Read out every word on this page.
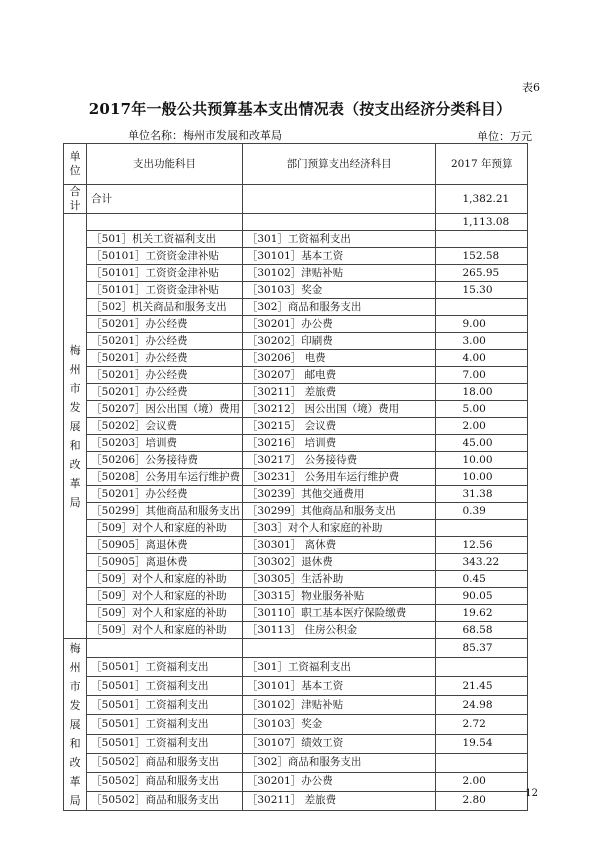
表6
2017年一般公共预算基本支出情况表（按支出经济分类科目）
单位名称：梅州市发展和改革局	单位：万元
单位	支出功能科目	部门预算支出经济科目	2017 年预算
合计	合计		1,382.21
梅州市发展和改革局			1,113.08
	［501］机关工资福利支出	［301］工资福利支出	
	［50101］工资资金津补贴	［30101］基本工资	152.58
	［50101］工资资金津补贴	［30102］津贴补贴	265.95
	［50101］工资资金津补贴	［30103］奖金	15.30
	［502］机关商品和服务支出	［302］商品和服务支出	
	［50201］办公经费	［30201］办公费	9.00
	［50201］办公经费	［30202］印刷费	3.00
	［50201］办公经费	［30206］ 电费	4.00
	［50201］办公经费	［30207］ 邮电费	7.00
	［50201］办公经费	［30211］ 差旅费	18.00
	［50207］因公出国（境）费用	［30212］ 因公出国（境）费用	5.00
	［50202］会议费	［30215］ 会议费	2.00
	［50203］培训费	［30216］ 培训费	45.00
	［50206］公务接待费	［30217］ 公务接待费	10.00
	［50208］公务用车运行维护费	［30231］ 公务用车运行维护费	10.00
	［50201］办公经费	［30239］其他交通费用	31.38
	［50299］其他商品和服务支出	［30299］其他商品和服务支出	0.39
	［509］对个人和家庭的补助	［303］对个人和家庭的补助	
	［50905］离退休费	［30301］ 离休费	12.56
	［50905］离退休费	［30302］退休费	343.22
	［509］对个人和家庭的补助	［30305］生活补助	0.45
	［509］对个人和家庭的补助	［30315］物业服务补贴	90.05
	［509］对个人和家庭的补助	［30110］职工基本医疗保险缴费	19.62
	［509］对个人和家庭的补助	［30113］ 住房公积金	68.58
梅州市发展和改革局			85.37
	［50501］工资福利支出	［301］工资福利支出	
	［50501］工资福利支出	［30101］基本工资	21.45
	［50501］工资福利支出	［30102］津贴补贴	24.98
	［50501］工资福利支出	［30103］奖金	2.72
	［50501］工资福利支出	［30107］绩效工资	19.54
	［50502］商品和服务支出	［302］商品和服务支出	
	［50502］商品和服务支出	［30201］办公费	2.00
	［50502］商品和服务支出	［30211］ 差旅费	2.80
12
